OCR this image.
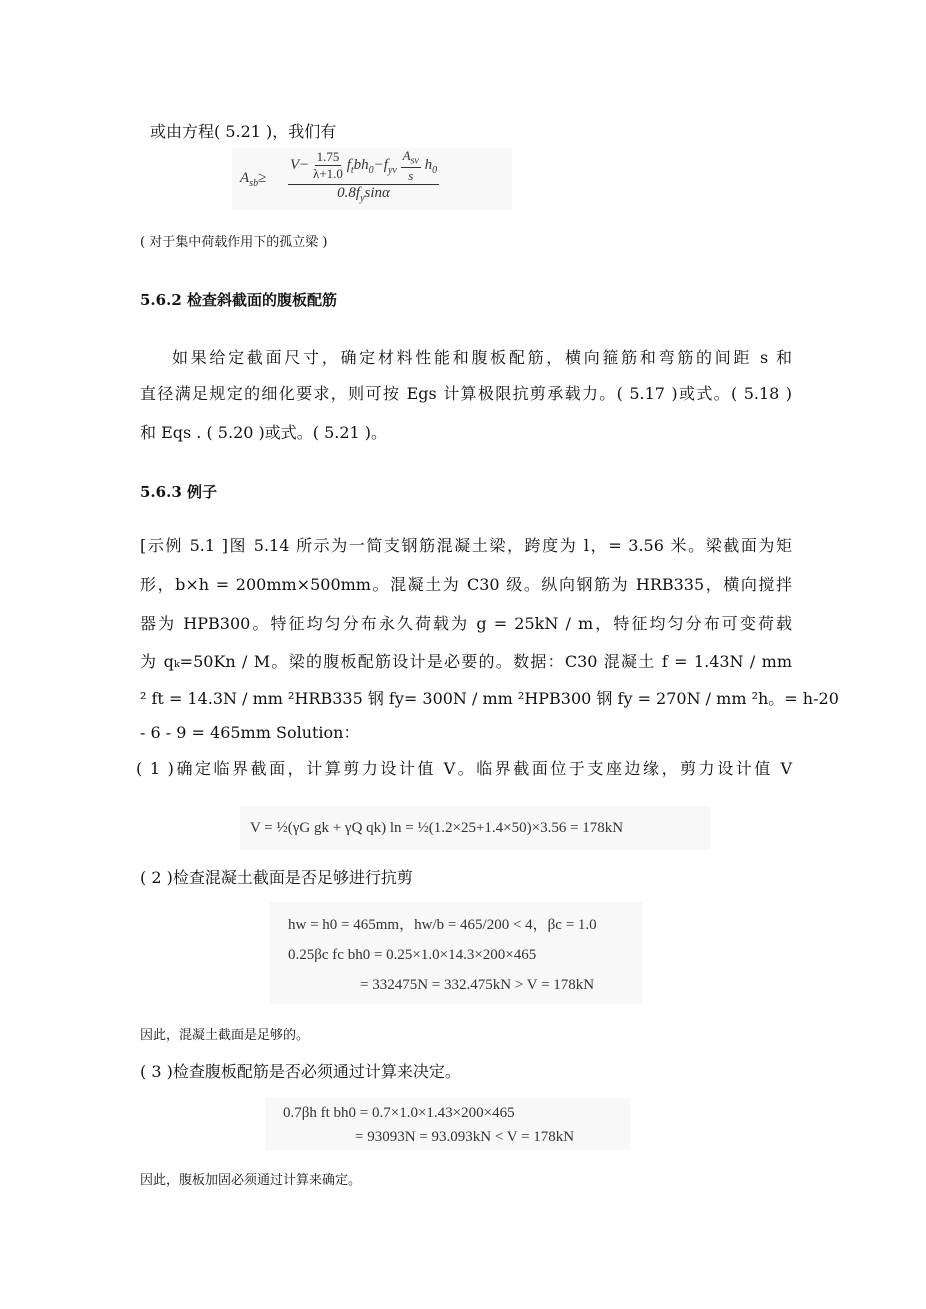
或由方程( 5.21 )，我们有
$A_{sb}\ge$
$V- \frac{1.75}{\lambda+1.0} f_tbh_0-f_{yv} \frac{A_{sv}}{s} h_0$
$0.8f_y\sin\alpha$
( 对于集中荷载作用下的孤立梁 )
5.6.2 检查斜截面的腹板配筋
如果给定截面尺寸，确定材料性能和腹板配筋，横向箍筋和弯筋的间距 s 和
直径满足规定的细化要求，则可按 Egs 计算极限抗剪承载力。( 5.17 )或式。( 5.18 )
和 Eqs . ( 5.20 )或式。( 5.21 )。
5.6.3 例子
[示例 5.1 ]图 5.14 所示为一简支钢筋混凝土梁，跨度为 l，= 3.56 米。梁截面为矩
形，b×h = 200mm×500mm。混凝土为 C30 级。纵向钢筋为 HRB335，横向搅拌
器为 HPB300。特征均匀分布永久荷载为 g = 25kN / m，特征均匀分布可变荷载
为 qₖ=50Kn / M。梁的腹板配筋设计是必要的。数据：C30 混凝土 f = 1.43N / mm
² ft = 14.3N / mm ²HRB335 钢 fy= 300N / mm ²HPB300 钢 fy = 270N / mm ²h。= h-20
- 6 - 9 = 465mm Solution：
( 1 )确定临界截面，计算剪力设计值 V。临界截面位于支座边缘，剪力设计值 V
V = ½(γG gk + γQ qk) ln = ½(1.2×25+1.4×50)×3.56 = 178kN
( 2 )检查混凝土截面是否足够进行抗剪
hw = h0 = 465mm，hw/b = 465/200 < 4，βc = 1.0
0.25βc fc bh0 = 0.25×1.0×14.3×200×465
= 332475N = 332.475kN > V = 178kN
因此，混凝土截面是足够的。
( 3 )检查腹板配筋是否必须通过计算来决定。
0.7βh ft bh0 = 0.7×1.0×1.43×200×465
= 93093N = 93.093kN < V = 178kN
因此，腹板加固必须通过计算来确定。
